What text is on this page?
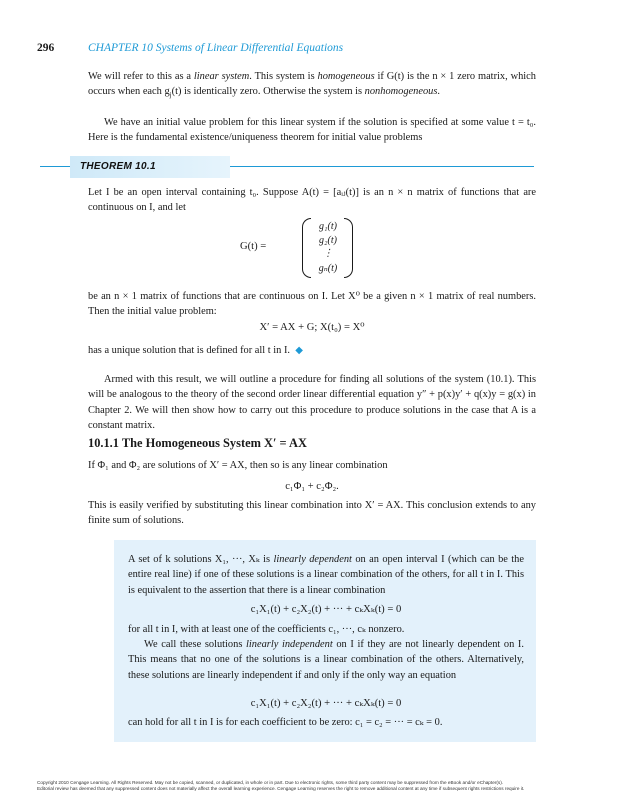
296	CHAPTER 10 Systems of Linear Differential Equations
We will refer to this as a linear system. This system is homogeneous if G(t) is the n × 1 zero matrix, which occurs when each $g_j(t)$ is identically zero. Otherwise the system is nonhomogeneous.
We have an initial value problem for this linear system if the solution is specified at some value t = t₀. Here is the fundamental existence/uniqueness theorem for initial value problems
THEOREM 10.1
Let I be an open interval containing t₀. Suppose A(t) = [aᵢⱼ(t)] is an n × n matrix of functions that are continuous on I, and let
G(t) =
g₁(t)
g₂(t)
⋮
gₙ(t)
be an n × 1 matrix of functions that are continuous on I. Let X⁰ be a given n × 1 matrix of real numbers. Then the initial value problem:
X′ = AX + G; X(t₀) = X⁰
has a unique solution that is defined for all t in I. ◆
Armed with this result, we will outline a procedure for finding all solutions of the system (10.1). This will be analogous to the theory of the second order linear differential equation y″ + p(x)y′ + q(x)y = g(x) in Chapter 2. We will then show how to carry out this procedure to produce solutions in the case that A is a constant matrix.
10.1.1 The Homogeneous System X′ = AX
If Φ₁ and Φ₂ are solutions of X′ = AX, then so is any linear combination
c₁Φ₁ + c₂Φ₂.
This is easily verified by substituting this linear combination into X′ = AX. This conclusion extends to any finite sum of solutions.
A set of k solutions X₁, ···, Xₖ is linearly dependent on an open interval I (which can be the entire real line) if one of these solutions is a linear combination of the others, for all t in I. This is equivalent to the assertion that there is a linear combination
c₁X₁(t) + c₂X₂(t) + ··· + cₖXₖ(t) = 0
for all t in I, with at least one of the coefficients c₁, ···, cₖ nonzero.
We call these solutions linearly independent on I if they are not linearly dependent on I. This means that no one of the solutions is a linear combination of the others. Alternatively, these solutions are linearly independent if and only if the only way an equation
c₁X₁(t) + c₂X₂(t) + ··· + cₖXₖ(t) = 0
can hold for all t in I is for each coefficient to be zero: c₁ = c₂ = ··· = cₖ = 0.
Copyright 2010 Cengage Learning. All Rights Reserved. May not be copied, scanned, or duplicated, in whole or in part. Due to electronic rights, some third party content may be suppressed from the eBook and/or eChapter(s).
Editorial review has deemed that any suppressed content does not materially affect the overall learning experience. Cengage Learning reserves the right to remove additional content at any time if subsequent rights restrictions require it.
